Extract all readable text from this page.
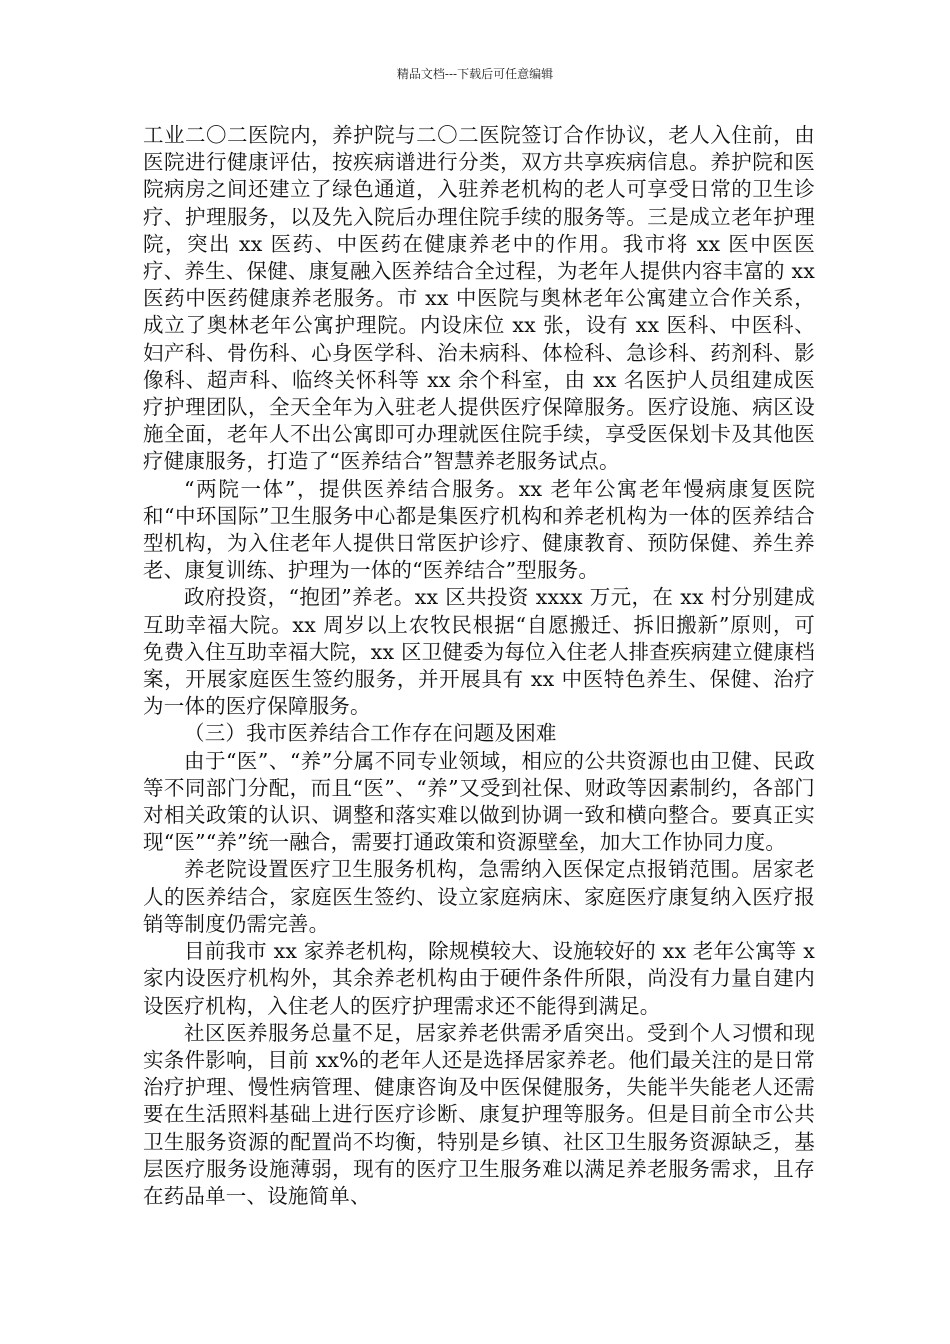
精品文档---下载后可任意编辑

工业二〇二医院内，养护院与二〇二医院签订合作协议，老人入住前，由医院进行健康评估，按疾病谱进行分类，双方共享疾病信息。养护院和医院病房之间还建立了绿色通道，入驻养老机构的老人可享受日常的卫生诊疗、护理服务，以及先入院后办理住院手续的服务等。三是成立老年护理院，突出 xx 医药、中医药在健康养老中的作用。我市将 xx 医中医医疗、养生、保健、康复融入医养结合全过程，为老年人提供内容丰富的 xx 医药中医药健康养老服务。市 xx 中医院与奥林老年公寓建立合作关系，成立了奥林老年公寓护理院。内设床位 xx 张，设有 xx 医科、中医科、妇产科、骨伤科、心身医学科、治未病科、体检科、急诊科、药剂科、影像科、超声科、临终关怀科等 xx 余个科室，由 xx 名医护人员组建成医疗护理团队，全天全年为入驻老人提供医疗保障服务。医疗设施、病区设施全面，老年人不出公寓即可办理就医住院手续，享受医保划卡及其他医疗健康服务，打造了“医养结合”智慧养老服务试点。

“两院一体”，提供医养结合服务。xx 老年公寓老年慢病康复医院和“中环国际”卫生服务中心都是集医疗机构和养老机构为一体的医养结合型机构，为入住老年人提供日常医护诊疗、健康教育、预防保健、养生养老、康复训练、护理为一体的“医养结合”型服务。

政府投资，“抱团”养老。xx 区共投资 xxxx 万元，在 xx 村分别建成互助幸福大院。xx 周岁以上农牧民根据“自愿搬迁、拆旧搬新”原则，可免费入住互助幸福大院，xx 区卫健委为每位入住老人排查疾病建立健康档案，开展家庭医生签约服务，并开展具有 xx 中医特色养生、保健、治疗为一体的医疗保障服务。

（三）我市医养结合工作存在问题及困难

由于“医”、“养”分属不同专业领域，相应的公共资源也由卫健、民政等不同部门分配，而且“医”、“养”又受到社保、财政等因素制约，各部门对相关政策的认识、调整和落实难以做到协调一致和横向整合。要真正实现“医”“养”统一融合，需要打通政策和资源壁垒，加大工作协同力度。

养老院设置医疗卫生服务机构，急需纳入医保定点报销范围。居家老人的医养结合，家庭医生签约、设立家庭病床、家庭医疗康复纳入医疗报销等制度仍需完善。

目前我市 xx 家养老机构，除规模较大、设施较好的 xx 老年公寓等 x 家内设医疗机构外，其余养老机构由于硬件条件所限，尚没有力量自建内设医疗机构，入住老人的医疗护理需求还不能得到满足。

社区医养服务总量不足，居家养老供需矛盾突出。受到个人习惯和现实条件影响，目前 xx%的老年人还是选择居家养老。他们最关注的是日常治疗护理、慢性病管理、健康咨询及中医保健服务，失能半失能老人还需要在生活照料基础上进行医疗诊断、康复护理等服务。但是目前全市公共卫生服务资源的配置尚不均衡，特别是乡镇、社区卫生服务资源缺乏，基层医疗服务设施薄弱，现有的医疗卫生服务难以满足养老服务需求，且存在药品单一、设施简单、
